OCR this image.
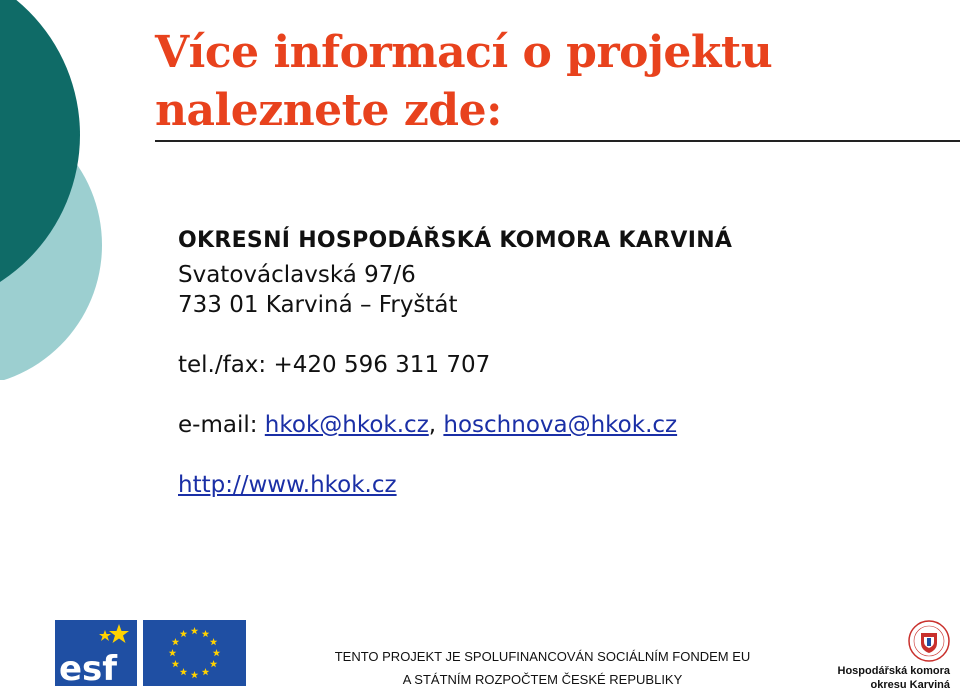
Více informací o projektu
naleznete zde:
OKRESNÍ HOSPODÁŘSKÁ KOMORA KARVINÁ
Svatováclavská 97/6
733 01 Karviná – Fryštát
tel./fax: +420 596 311 707
e-mail: hkok@hkok.cz, hoschnova@hkok.cz
http://www.hkok.cz
esf	TENTO PROJEKT JE SPOLUFINANCOVÁN SOCIÁLNÍM FONDEM EU
A STÁTNÍM ROZPOČTEM ČESKÉ REPUBLIKY
Hospodářská komora
okresu Karviná
